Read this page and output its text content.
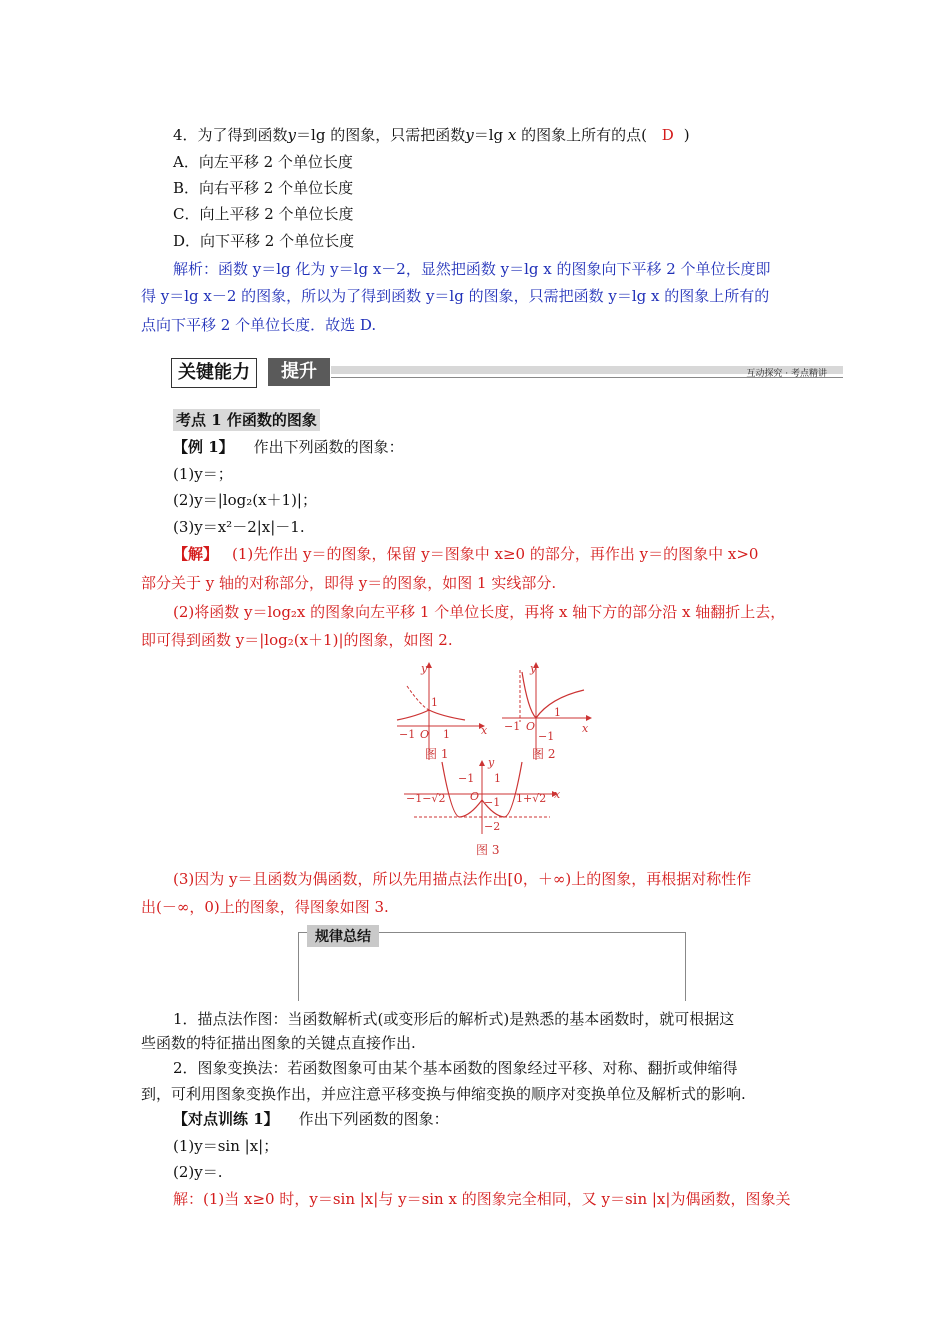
4．为了得到函数y＝lg 的图象，只需把函数y＝lg x 的图象上所有的点( D )
A．向左平移 2 个单位长度
B．向右平移 2 个单位长度
C．向上平移 2 个单位长度
D．向下平移 2 个单位长度
解析：函数 y＝lg 化为 y＝lg x－2，显然把函数 y＝lg x 的图象向下平移 2 个单位长度即
得 y＝lg x－2 的图象，所以为了得到函数 y＝lg 的图象，只需把函数 y＝lg x 的图象上所有的
点向下平移 2 个单位长度．故选 D.
关键能力	提升	互动探究 · 考点精讲
考点 1 作函数的图象
【例 1】 作出下列函数的图象：
(1)y＝；
(2)y＝|log₂(x＋1)|；
(3)y＝x²－2|x|－1.
【解】 (1)先作出 y＝的图象，保留 y＝图象中 x≥0 的部分，再作出 y＝的图象中 x>0
部分关于 y 轴的对称部分，即得 y＝的图象，如图 1 实线部分.
(2)将函数 y＝log₂x 的图象向左平移 1 个单位长度，再将 x 轴下方的部分沿 x 轴翻折上去，
即可得到函数 y＝|log₂(x＋1)|的图象，如图 2.
y
x
1
−1 O 1
图 1
y
x
−1 O
1
−1
图 2
y
x
−1 1
−1−√2 O −1 1+√2
−2
图 3
(3)因为 y＝且函数为偶函数，所以先用描点法作出[0，＋∞)上的图象，再根据对称性作
出(－∞，0)上的图象，得图象如图 3.
规律总结
1．描点法作图：当函数解析式(或变形后的解析式)是熟悉的基本函数时，就可根据这
些函数的特征描出图象的关键点直接作出.
2．图象变换法：若函数图象可由某个基本函数的图象经过平移、对称、翻折或伸缩得
到，可利用图象变换作出，并应注意平移变换与伸缩变换的顺序对变换单位及解析式的影响.
【对点训练 1】 作出下列函数的图象：
(1)y＝sin |x|；
(2)y＝.
解：(1)当 x≥0 时，y＝sin |x|与 y＝sin x 的图象完全相同，又 y＝sin |x|为偶函数，图象关
